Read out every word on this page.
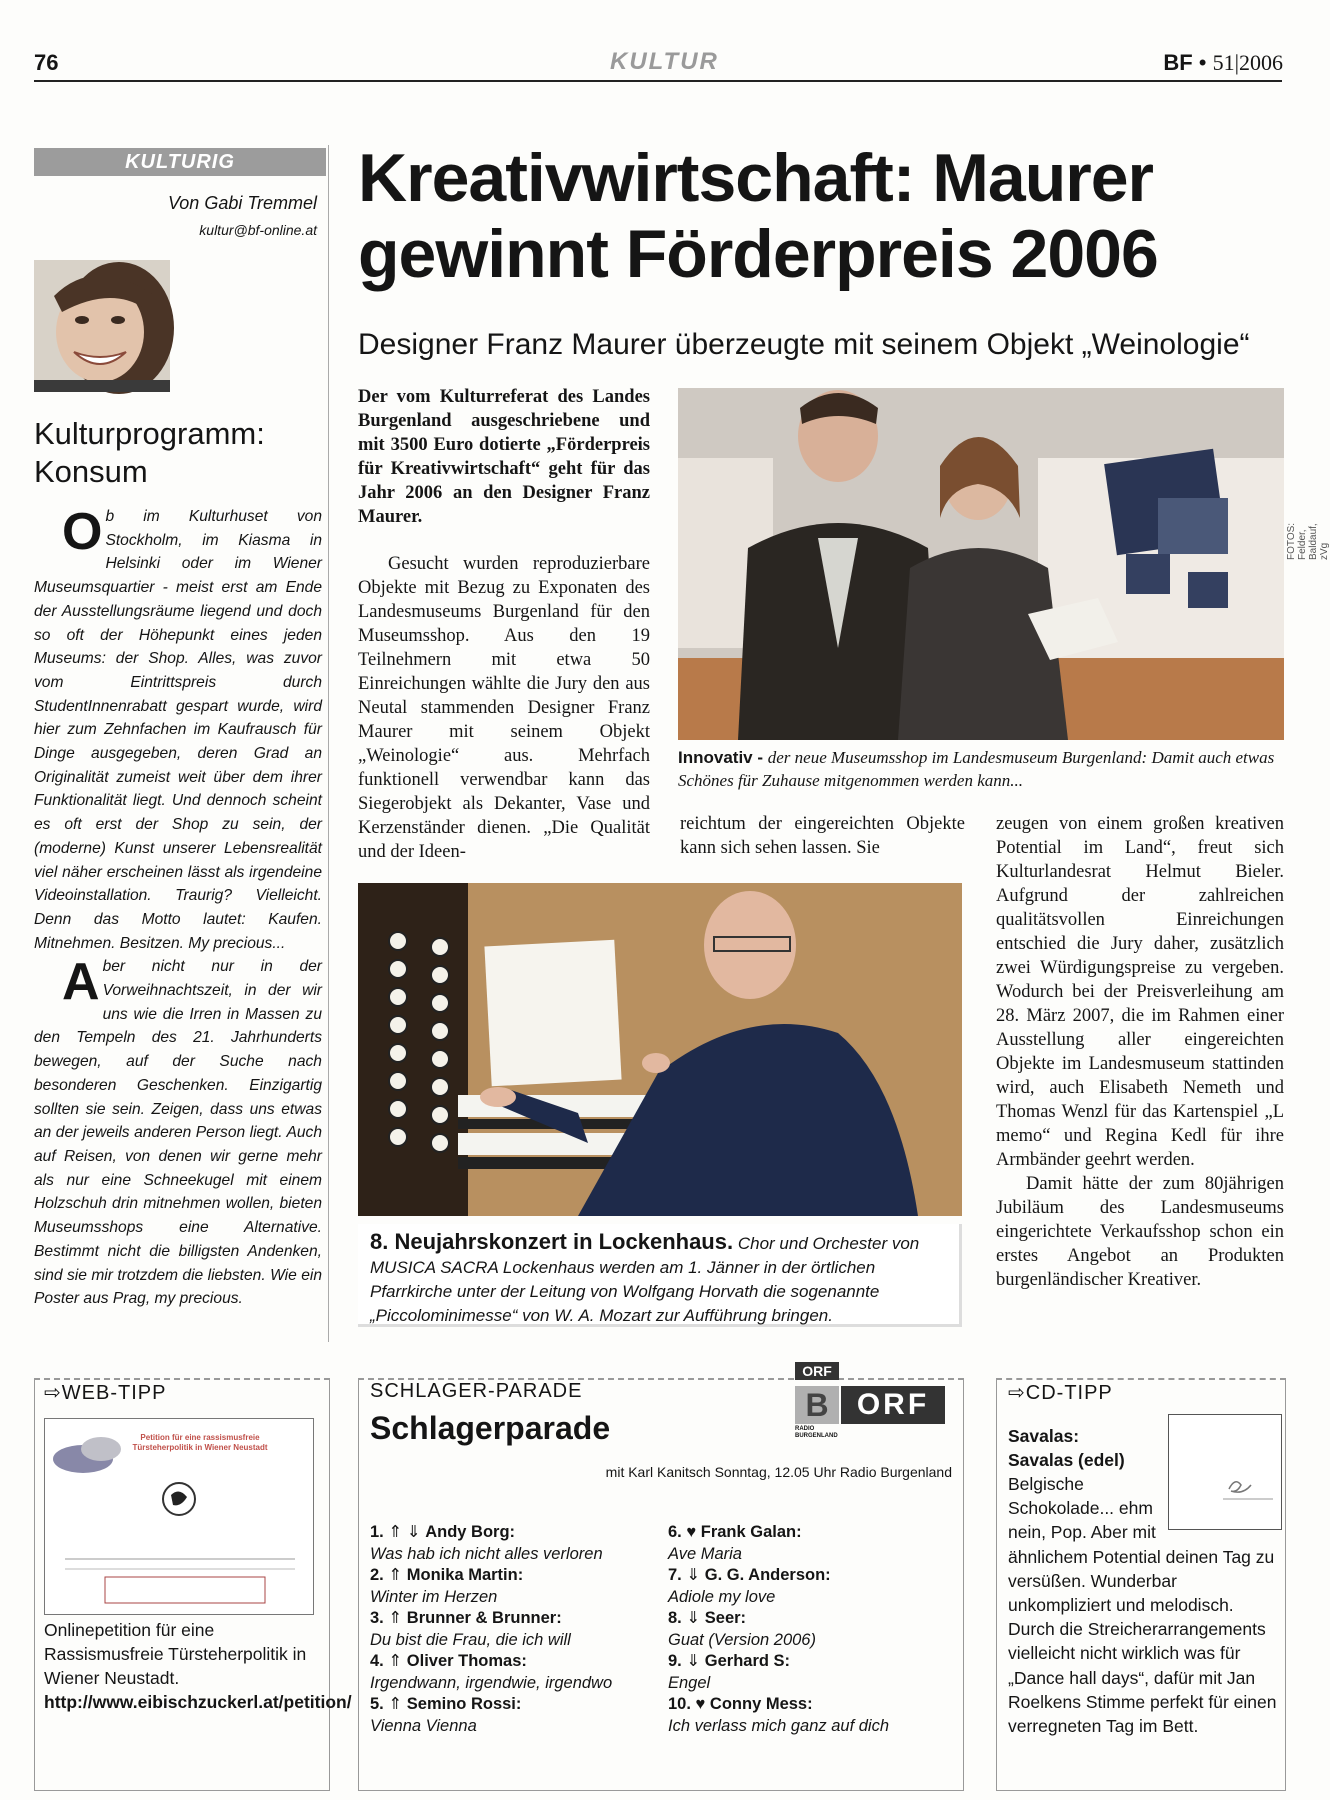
76	KULTUR	BF • 51|2006
KULTURIG
Von Gabi Tremmel
kultur@bf-online.at
Kulturprogramm:
Konsum

Ob im Kulturhuset von Stockholm, im Kiasma in Helsinki oder im Wiener Museumsquartier - meist erst am Ende der Ausstellungsräume liegend und doch so oft der Höhepunkt eines jeden Museums: der Shop. Alles, was zuvor vom Eintrittspreis durch StudentInnenrabatt gespart wurde, wird hier zum Zehnfachen im Kaufrausch für Dinge ausgegeben, deren Grad an Originalität zumeist weit über dem ihrer Funktionalität liegt. Und dennoch scheint es oft erst der Shop zu sein, der (moderne) Kunst unserer Lebensrealität viel näher erscheinen lässt als irgendeine Videoinstallation. Traurig? Vielleicht. Denn das Motto lautet: Kaufen. Mitnehmen. Besitzen. My precious...

Aber nicht nur in der Vorweihnachtszeit, in der wir uns wie die Irren in Massen zu den Tempeln des 21. Jahrhunderts bewegen, auf der Suche nach besonderen Geschenken. Einzigartig sollten sie sein. Zeigen, dass uns etwas an der jeweils anderen Person liegt. Auch auf Reisen, von denen wir gerne mehr als nur eine Schneekugel mit einem Holzschuh drin mitnehmen wollen, bieten Museumsshops eine Alternative. Bestimmt nicht die billigsten Andenken, sind sie mir trotzdem die liebsten. Wie ein Poster aus Prag, my precious.

Kreativwirtschaft: Maurer
gewinnt Förderpreis 2006
Designer Franz Maurer überzeugte mit seinem Objekt „Weinologie“
Der vom Kulturreferat des Landes Burgenland ausgeschriebene und mit 3500 Euro dotierte „Förderpreis für Kreativwirtschaft“ geht für das Jahr 2006 an den Designer Franz Maurer.
Gesucht wurden reproduzierbare Objekte mit Bezug zu Exponaten des Landesmuseums Burgenland für den Museumsshop. Aus den 19 Teilnehmern mit etwa 50 Einreichungen wählte die Jury den aus Neutal stammenden Designer Franz Maurer mit seinem Objekt „Weinologie“ aus. Mehrfach funktionell verwendbar kann das Siegerobjekt als Dekanter, Vase und Kerzenständer dienen. „Die Qualität und der Ideen-
FOTOS: Felder, Baldauf, zVg
Innovativ - der neue Museumsshop im Landesmuseum Burgenland: Damit auch etwas Schönes für Zuhause mitgenommen werden kann...
reichtum der eingereichten Objekte kann sich sehen lassen. Sie
zeugen von einem großen kreativen Potential im Land“, freut sich Kulturlandesrat Helmut Bieler. Aufgrund der zahlreichen qualitätsvollen Einreichungen entschied die Jury daher, zusätzlich zwei Würdigungspreise zu vergeben. Wodurch bei der Preisverleihung am 28. März 2007, die im Rahmen einer Ausstellung aller eingereichten Objekte im Landesmuseum stattinden wird, auch Elisabeth Nemeth und Thomas Wenzl für das Kartenspiel „L memo“ und Regina Kedl für ihre Armbänder geehrt werden.
Damit hätte der zum 80jährigen Jubiläum des Landesmuseums eingerichtete Verkaufsshop schon ein erstes Angebot an Produkten burgenländischer Kreativer.
8. Neujahrskonzert in Lockenhaus. Chor und Orchester von MUSICA SACRA Lockenhaus werden am 1. Jänner in der örtlichen Pfarrkirche unter der Leitung von Wolfgang Horvath die sogenannte „Piccolominimesse“ von W. A. Mozart zur Aufführung bringen.
⇨WEB-TIPP
Petition für eine rassismusfreie Türsteherpolitik in Wiener Neustadt
Onlinepetition für eine Rassismusfreie Türsteherpolitik in Wiener Neustadt.
http://www.eibischzuckerl.at/petition/
SCHLAGER-PARADE
Schlagerparade
ORF
B ORF
RADIO BURGENLAND
mit Karl Kanitsch Sonntag, 12.05 Uhr Radio Burgenland
1. ⇑ ⇓ Andy Borg:
Was hab ich nicht alles verloren
2. ⇑ Monika Martin:
Winter im Herzen
3. ⇑ Brunner & Brunner:
Du bist die Frau, die ich will
4. ⇑ Oliver Thomas:
Irgendwann, irgendwie, irgendwo
5. ⇑ Semino Rossi:
Vienna Vienna
6. ♥ Frank Galan:
Ave Maria
7. ⇓ G. G. Anderson:
Adiole my love
8. ⇓ Seer:
Guat (Version 2006)
9. ⇓ Gerhard S:
Engel
10. ♥ Conny Mess:
Ich verlass mich ganz auf dich
⇨CD-TIPP
Savalas:
Savalas (edel)
Belgische Schokolade... ehm nein, Pop. Aber mit
ähnlichem Potential deinen Tag zu versüßen. Wunderbar unkompliziert und melodisch. Durch die Streicherarrangements vielleicht nicht wirklich was für „Dance hall days“, dafür mit Jan Roelkens Stimme perfekt für einen verregneten Tag im Bett.
